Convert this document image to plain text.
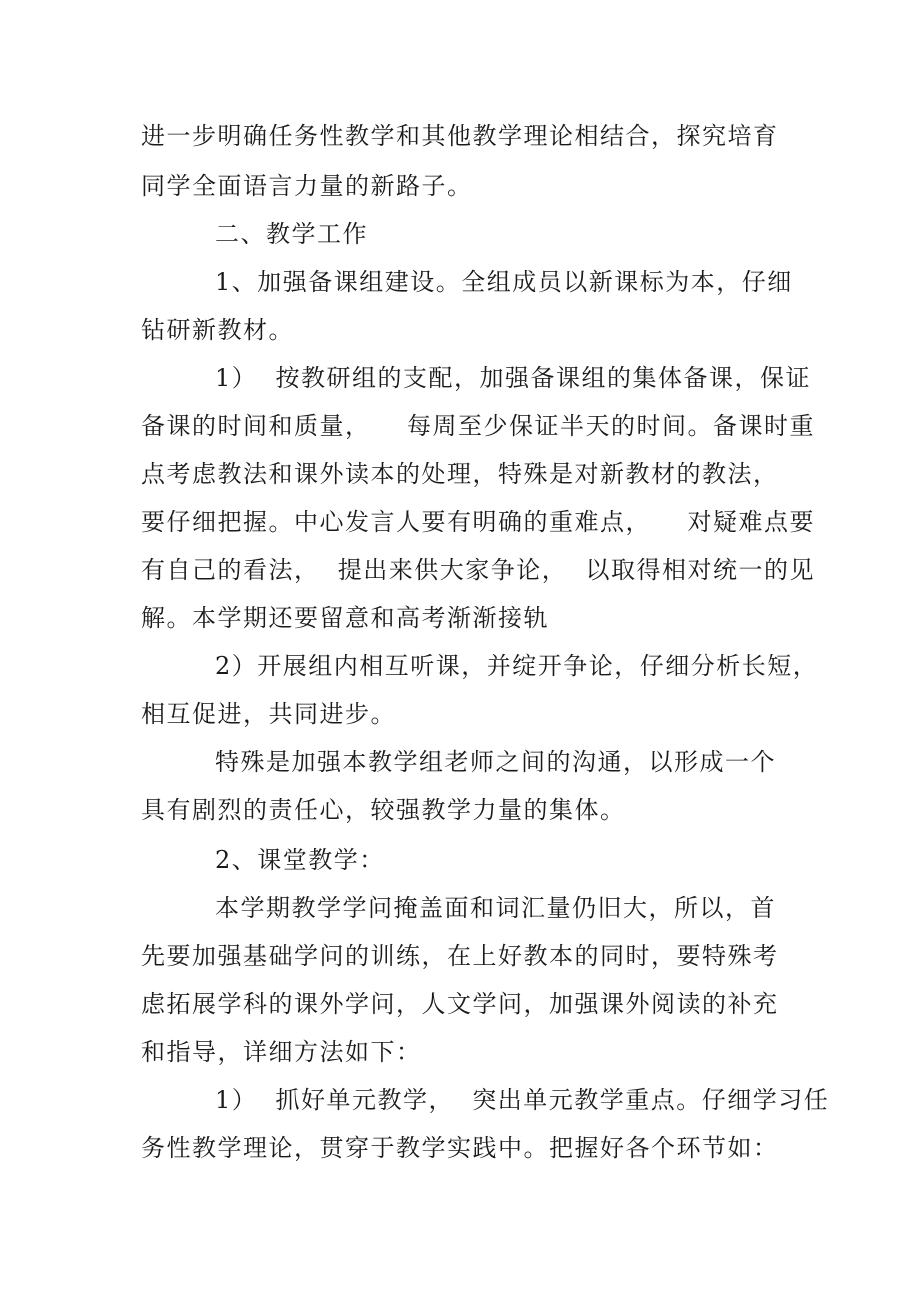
进一步明确任务性教学和其他教学理论相结合，探究培育
同学全面语言力量的新路子。
二、教学工作
1、加强备课组建设。全组成员以新课标为本，仔细
钻研新教材。
1）  按教研组的支配，加强备课组的集体备课，保证
备课的时间和质量，    每周至少保证半天的时间。备课时重
点考虑教法和课外读本的处理，特殊是对新教材的教法，
要仔细把握。中心发言人要有明确的重难点，    对疑难点要
有自己的看法，  提出来供大家争论，  以取得相对统一的见
解。本学期还要留意和高考渐渐接轨
2）开展组内相互听课，并绽开争论，仔细分析长短，
相互促进，共同进步。
特殊是加强本教学组老师之间的沟通，以形成一个
具有剧烈的责任心，较强教学力量的集体。
2、课堂教学：
本学期教学学问掩盖面和词汇量仍旧大，所以，首
先要加强基础学问的训练，在上好教本的同时，要特殊考
虑拓展学科的课外学问，人文学问，加强课外阅读的补充
和指导，详细方法如下：
1）  抓好单元教学，  突出单元教学重点。仔细学习任
务性教学理论，贯穿于教学实践中。把握好各个环节如：
